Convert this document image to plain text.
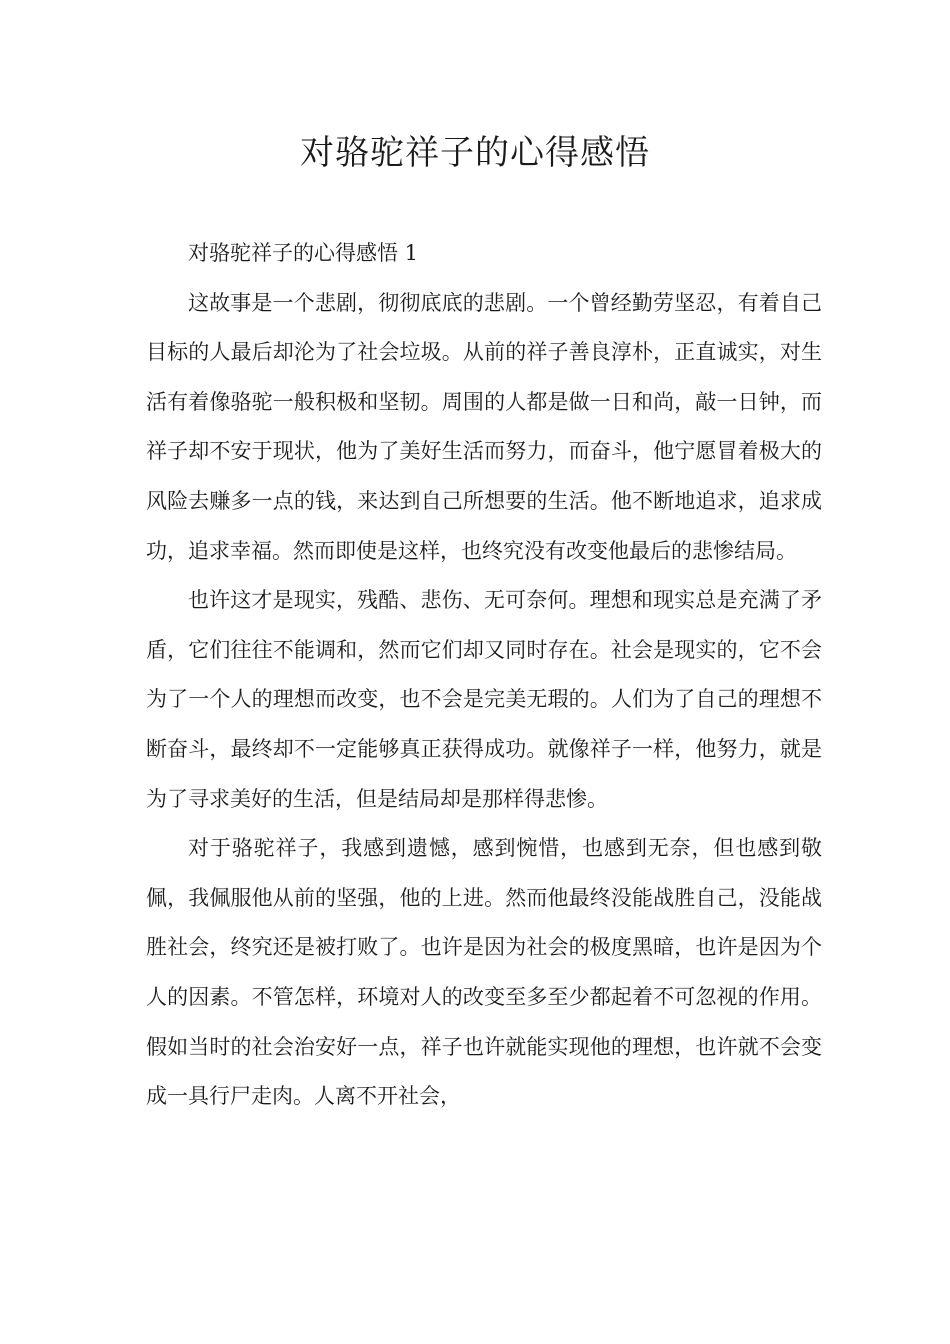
对骆驼祥子的心得感悟

对骆驼祥子的心得感悟 1

这故事是一个悲剧，彻彻底底的悲剧。一个曾经勤劳坚忍，有着自己目标的人最后却沦为了社会垃圾。从前的祥子善良淳朴，正直诚实，对生活有着像骆驼一般积极和坚韧。周围的人都是做一日和尚，敲一日钟，而祥子却不安于现状，他为了美好生活而努力，而奋斗，他宁愿冒着极大的风险去赚多一点的钱，来达到自己所想要的生活。他不断地追求，追求成功，追求幸福。然而即使是这样，也终究没有改变他最后的悲惨结局。

也许这才是现实，残酷、悲伤、无可奈何。理想和现实总是充满了矛盾，它们往往不能调和，然而它们却又同时存在。社会是现实的，它不会为了一个人的理想而改变，也不会是完美无瑕的。人们为了自己的理想不断奋斗，最终却不一定能够真正获得成功。就像祥子一样，他努力，就是为了寻求美好的生活，但是结局却是那样得悲惨。

对于骆驼祥子，我感到遗憾，感到惋惜，也感到无奈，但也感到敬佩，我佩服他从前的坚强，他的上进。然而他最终没能战胜自己，没能战胜社会，终究还是被打败了。也许是因为社会的极度黑暗，也许是因为个人的因素。不管怎样，环境对人的改变至多至少都起着不可忽视的作用。假如当时的社会治安好一点，祥子也许就能实现他的理想，也许就不会变成一具行尸走肉。人离不开社会，
